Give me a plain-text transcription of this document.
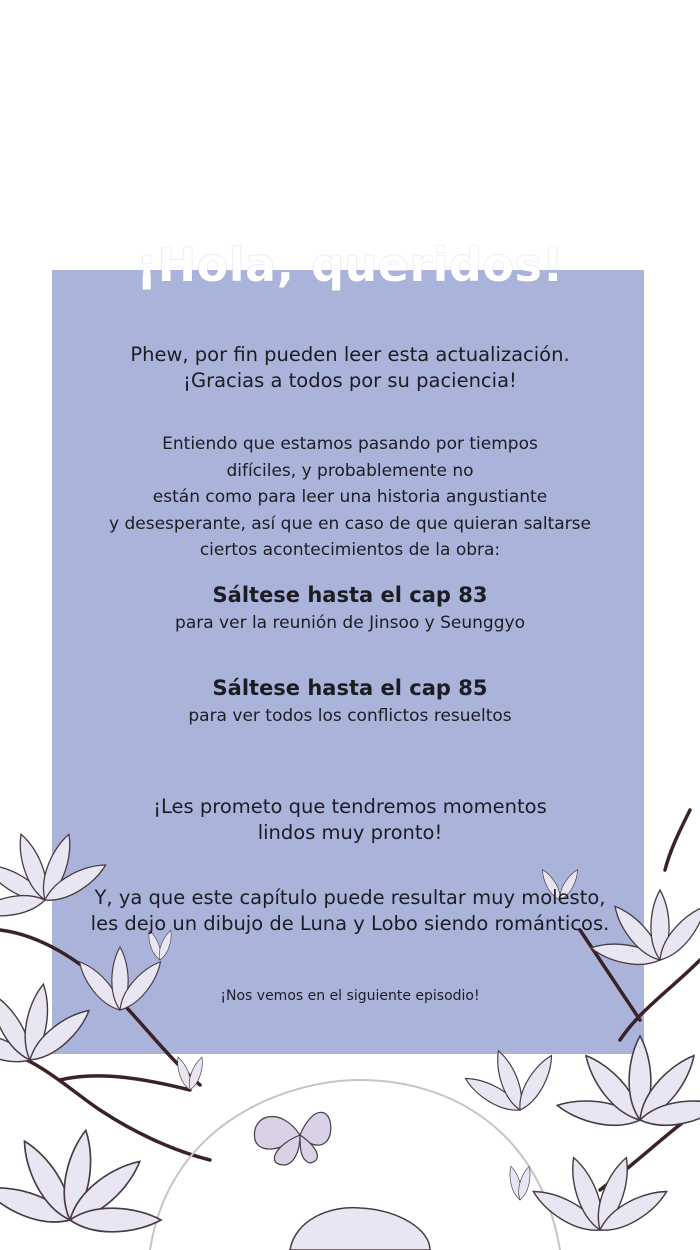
¡Hola, queridos!
Phew, por fin pueden leer esta actualización.
¡Gracias a todos por su paciencia!
Entiendo que estamos pasando por tiempos
difíciles, y probablemente no
están como para leer una historia angustiante
y desesperante, así que en caso de que quieran saltarse
ciertos acontecimientos de la obra:
Sáltese hasta el cap 83
para ver la reunión de Jinsoo y Seunggyo
Sáltese hasta el cap 85
para ver todos los conflictos resueltos
¡Les prometo que tendremos momentos
lindos muy pronto!
Y, ya que este capítulo puede resultar muy molesto,
les dejo un dibujo de Luna y Lobo siendo románticos.
¡Nos vemos en el siguiente episodio!
